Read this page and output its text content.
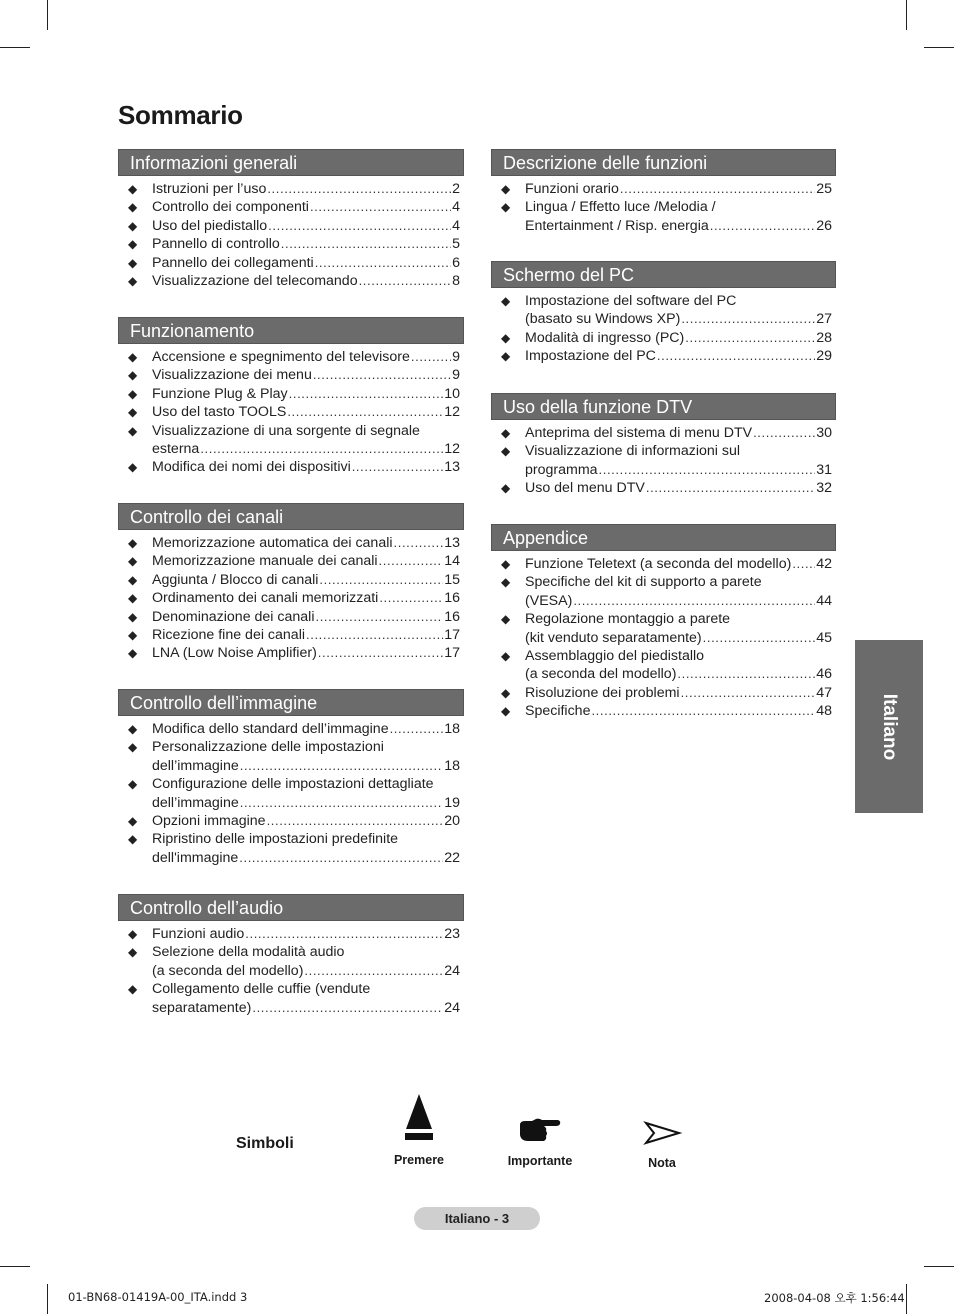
Sommario
Informazioni generali
◆ Istruzioni per l’uso .....	2
◆ Controllo dei componenti .....	4
◆ Uso del piedistallo .....	4
◆ Pannello di controllo .....	5
◆ Pannello dei collegamenti .....	6
◆ Visualizzazione del telecomando .....	8
Funzionamento
◆ Accensione e spegnimento del televisore .....	9
◆ Visualizzazione dei menu .....	9
◆ Funzione Plug & Play .....	10
◆ Uso del tasto TOOLS .....	12
◆ Visualizzazione di una sorgente di segnale
esterna .....	12
◆ Modifica dei nomi dei dispositivi .....	13
Controllo dei canali
◆ Memorizzazione automatica dei canali .....	13
◆ Memorizzazione manuale dei canali .....	14
◆ Aggiunta / Blocco di canali .....	15
◆ Ordinamento dei canali memorizzati .....	16
◆ Denominazione dei canali .....	16
◆ Ricezione fine dei canali .....	17
◆ LNA (Low Noise Amplifier) .....	17
Controllo dell’immagine
◆ Modifica dello standard dell’immagine .....	18
◆ Personalizzazione delle impostazioni
dell’immagine .....	18
◆ Configurazione delle impostazioni dettagliate
dell’immagine .....	19
◆ Opzioni immagine .....	20
◆ Ripristino delle impostazioni predefinite
dell'immagine .....	22
Controllo dell’audio
◆ Funzioni audio .....	23
◆ Selezione della modalità audio
(a seconda del modello) .....	24
◆ Collegamento delle cuffie (vendute
separatamente) .....	24
Descrizione delle funzioni
◆ Funzioni orario .....	25
◆ Lingua / Effetto luce /Melodia /
Entertainment / Risp. energia .....	26
Schermo del PC
◆ Impostazione del software del PC
(basato su Windows XP) .....	27
◆ Modalità di ingresso (PC) .....	28
◆ Impostazione del PC .....	29
Uso della funzione DTV
◆ Anteprima del sistema di menu DTV .....	30
◆ Visualizzazione di informazioni sul
programma .....	31
◆ Uso del menu DTV .....	32
Appendice
◆ Funzione Teletext (a seconda del modello) ..... 42
◆ Specifiche del kit di supporto a parete
(VESA) .....	44
◆ Regolazione montaggio a parete
(kit venduto separatamente) .....	45
◆ Assemblaggio del piedistallo
(a seconda del modello) .....	46
◆ Risoluzione dei problemi .....	47
◆ Specifiche .....	48 Italiano
Simboli
Premere	Importante	Nota
Italiano - 3
01-BN68-01419A-00_ITA.indd 3	2008-04-08 오후 1:56:44
